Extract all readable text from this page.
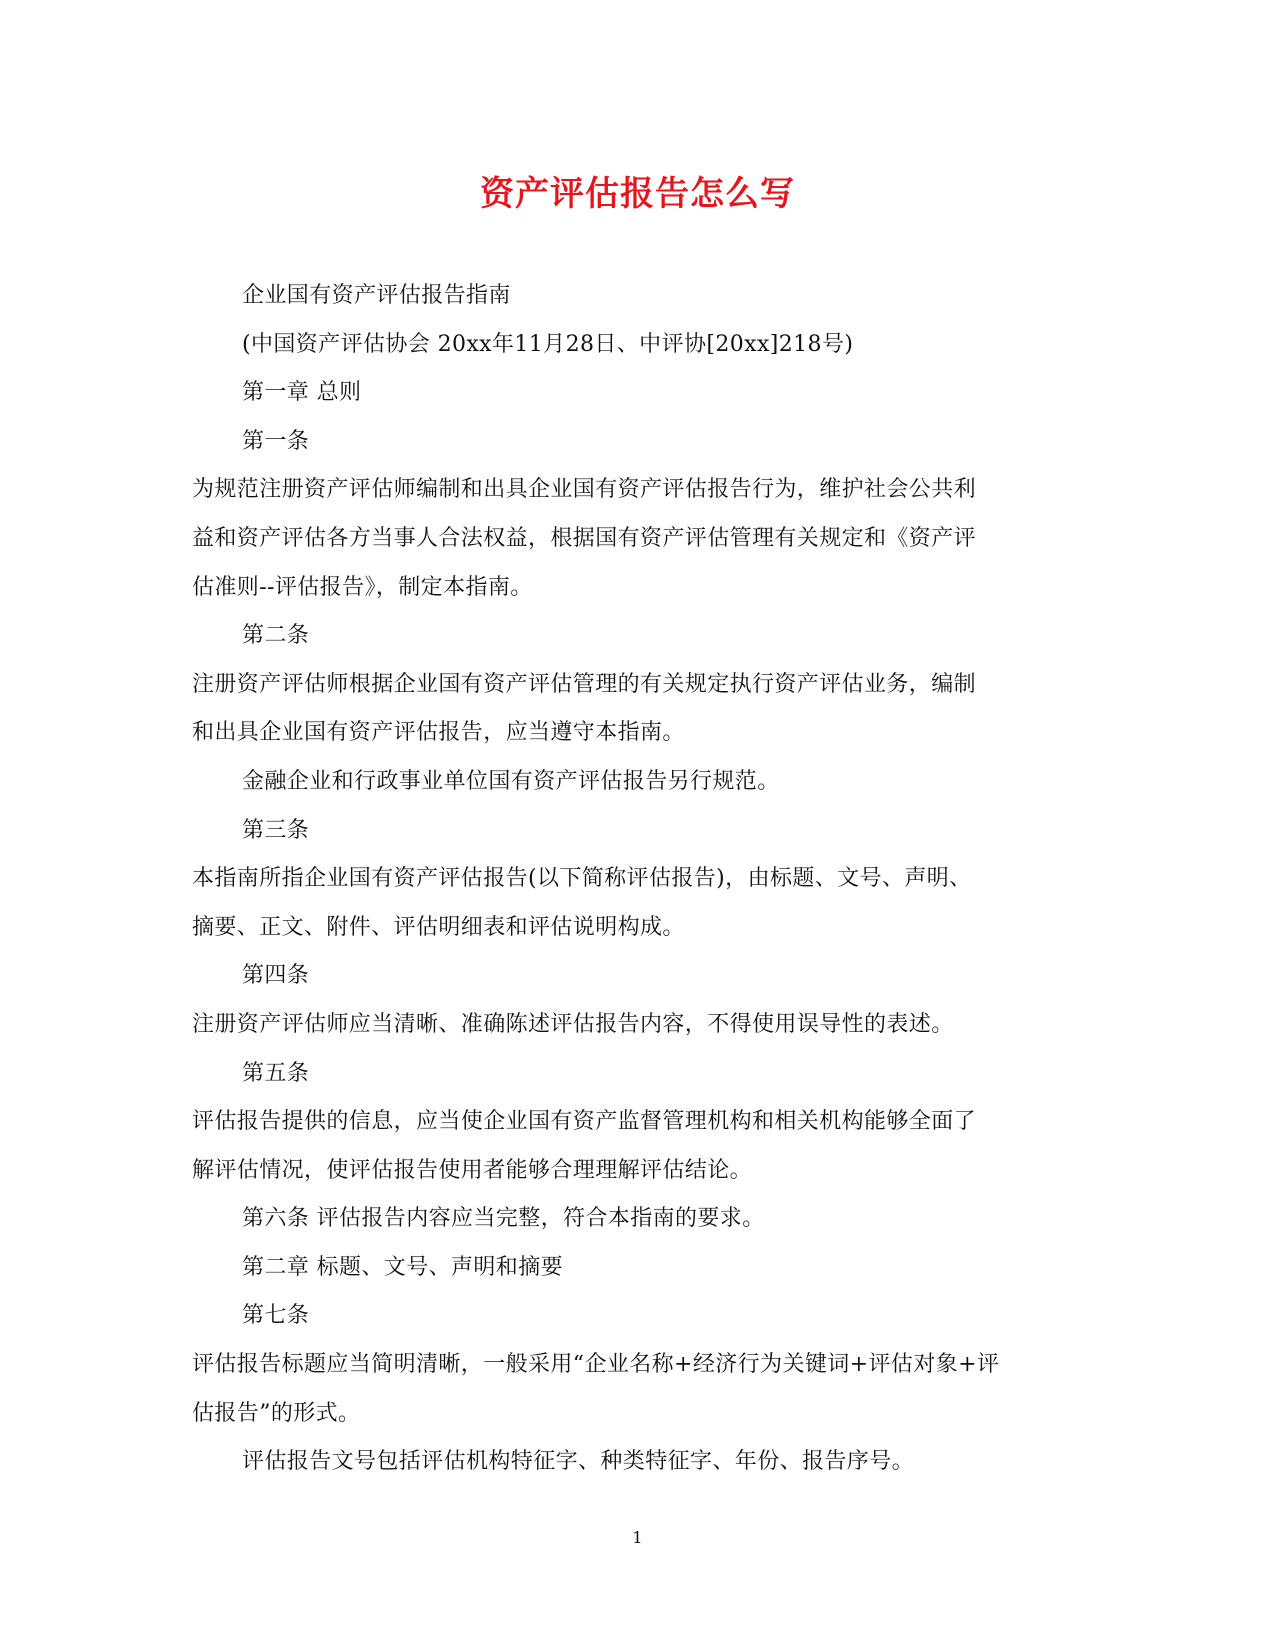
资产评估报告怎么写
企业国有资产评估报告指南
(中国资产评估协会 20xx年11月28日、中评协[20xx]218号)
第一章 总则
第一条
为规范注册资产评估师编制和出具企业国有资产评估报告行为，维护社会公共利
益和资产评估各方当事人合法权益，根据国有资产评估管理有关规定和《资产评
估准则--评估报告》，制定本指南。
第二条
注册资产评估师根据企业国有资产评估管理的有关规定执行资产评估业务，编制
和出具企业国有资产评估报告，应当遵守本指南。
金融企业和行政事业单位国有资产评估报告另行规范。
第三条
本指南所指企业国有资产评估报告(以下简称评估报告)，由标题、文号、声明、
摘要、正文、附件、评估明细表和评估说明构成。
第四条
注册资产评估师应当清晰、准确陈述评估报告内容，不得使用误导性的表述。
第五条
评估报告提供的信息，应当使企业国有资产监督管理机构和相关机构能够全面了
解评估情况，使评估报告使用者能够合理理解评估结论。
第六条 评估报告内容应当完整，符合本指南的要求。
第二章 标题、文号、声明和摘要
第七条
评估报告标题应当简明清晰，一般采用“企业名称+经济行为关键词+评估对象+评
估报告”的形式。
评估报告文号包括评估机构特征字、种类特征字、年份、报告序号。
1
